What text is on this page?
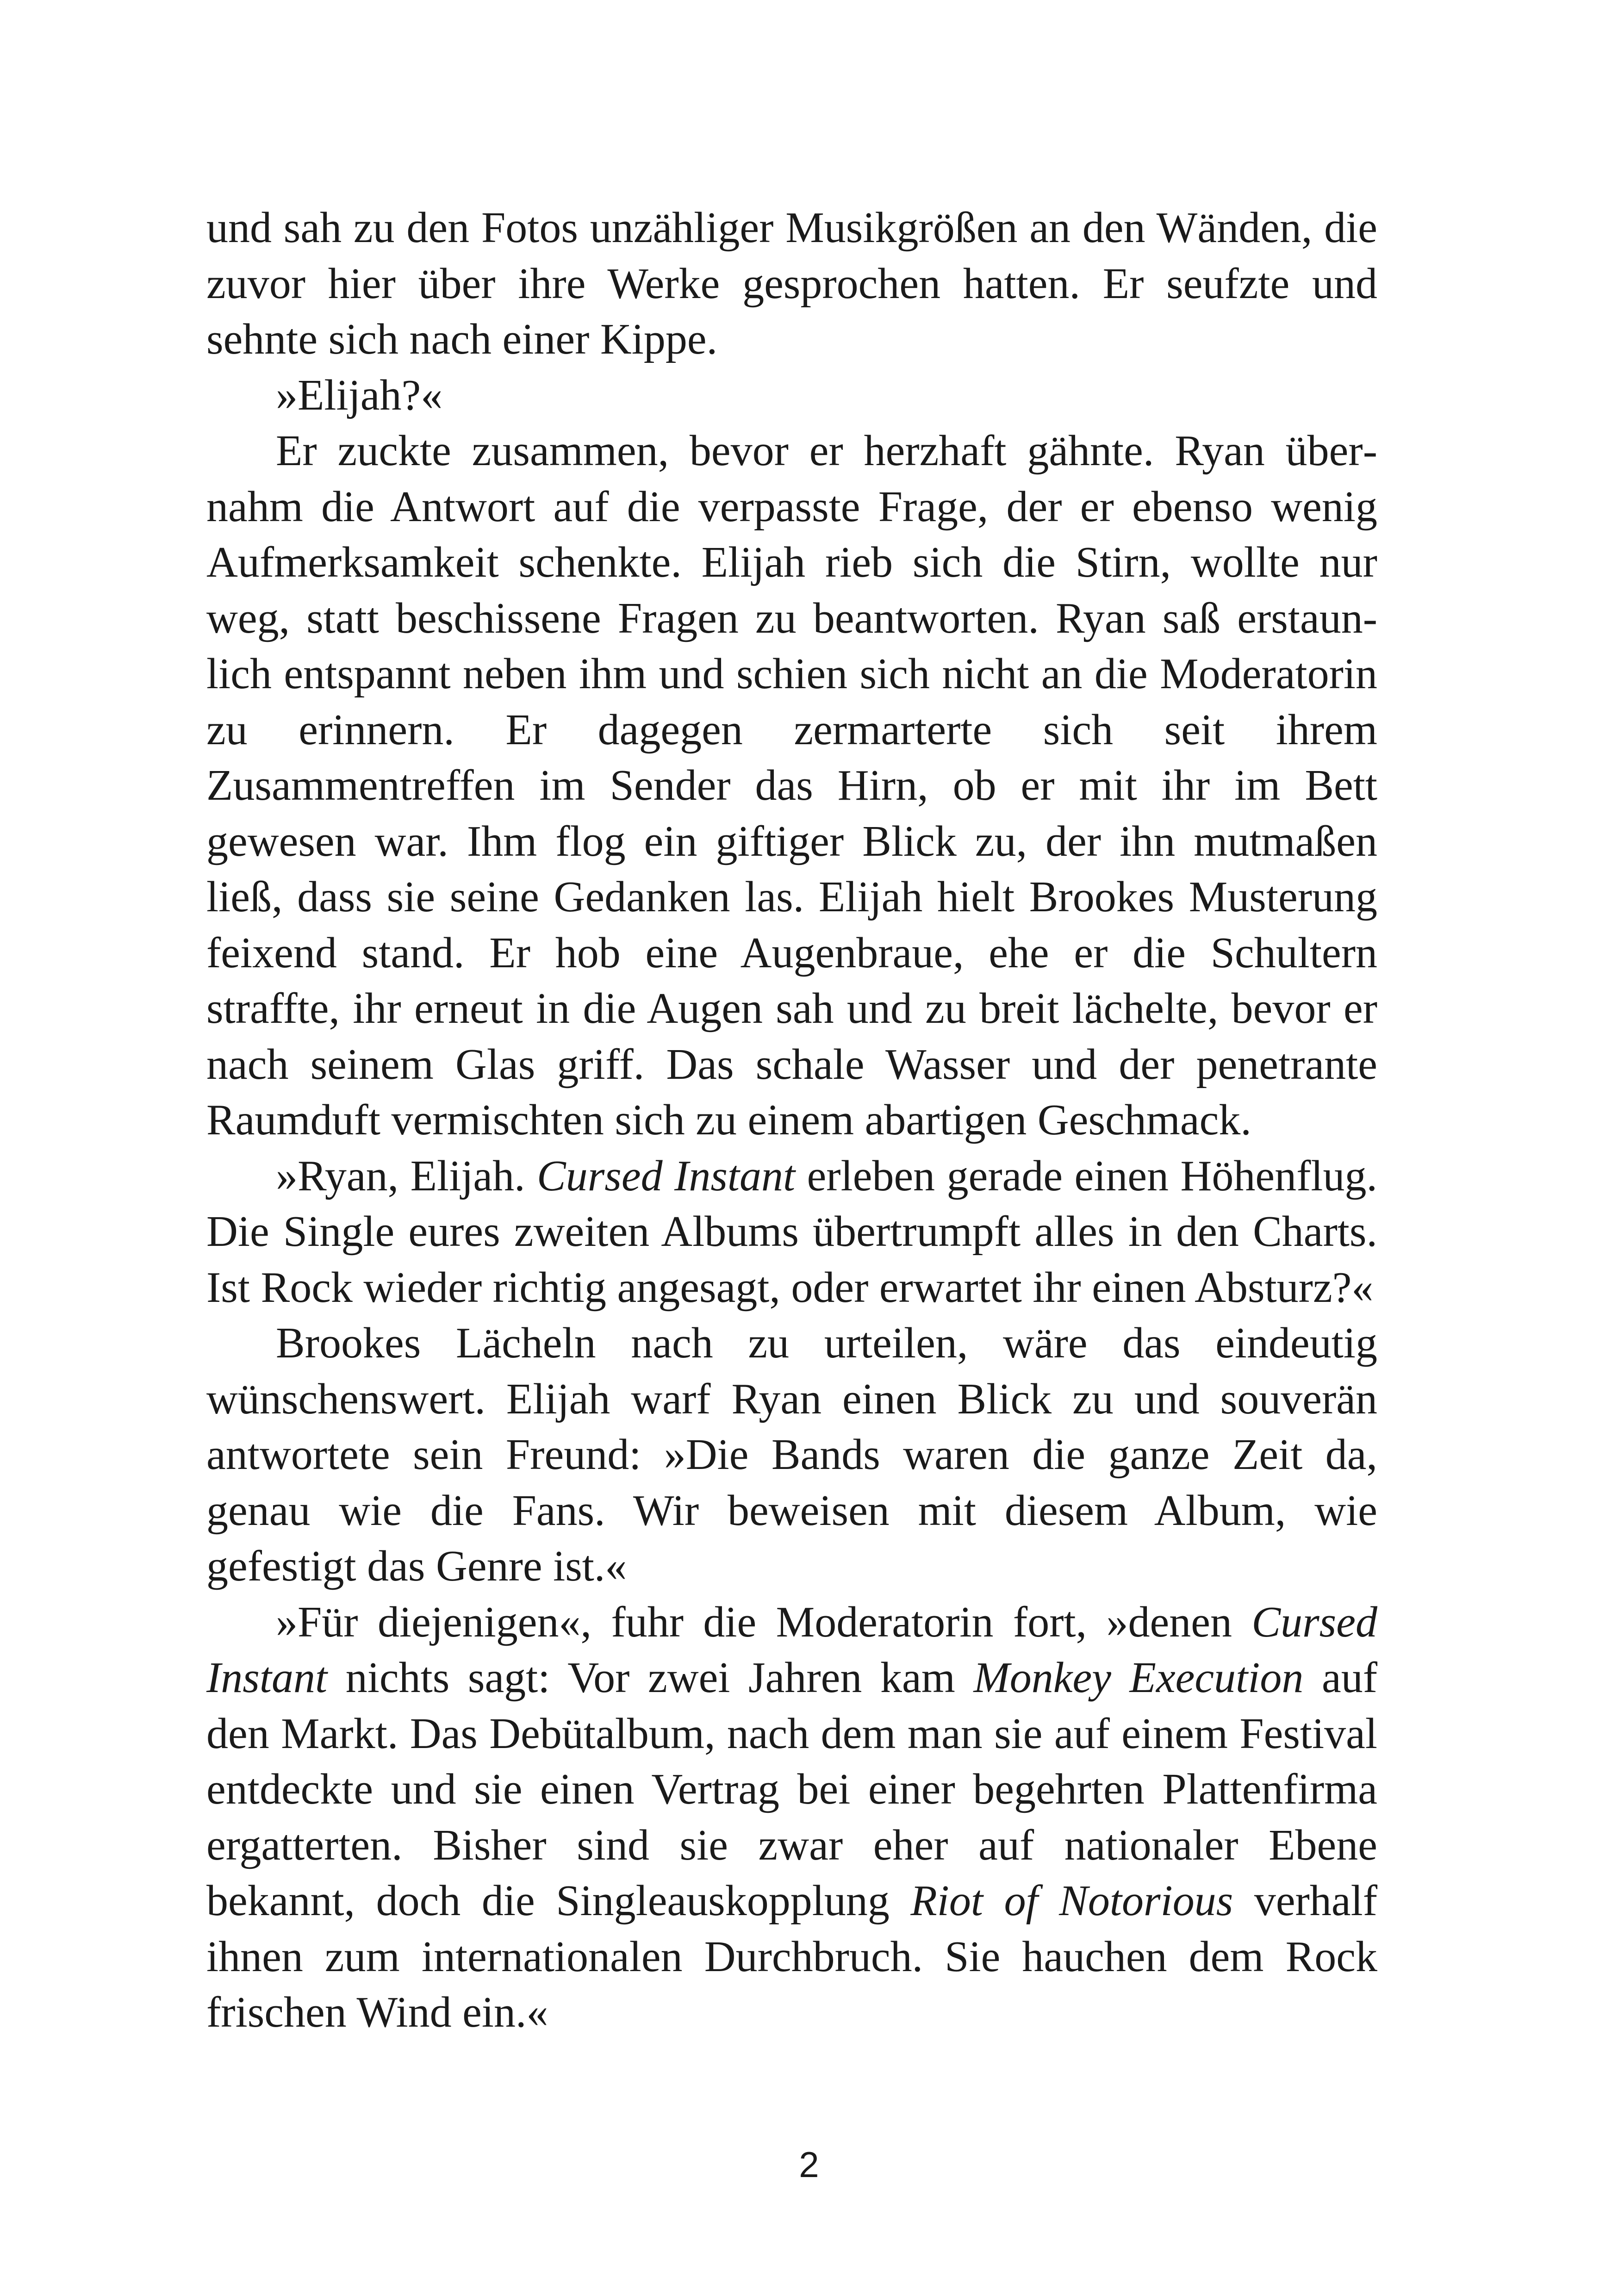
und sah zu den Fotos unzähliger Musikgrößen an den Wänden, die zuvor hier über ihre Werke gesprochen hatten. Er seufzte und sehnte sich nach einer Kippe.

»Elijah?«

Er zuckte zusammen, bevor er herzhaft gähnte. Ryan übernahm die Antwort auf die verpasste Frage, der er ebenso wenig Aufmerksamkeit schenkte. Elijah rieb sich die Stirn, wollte nur weg, statt beschissene Fragen zu beantworten. Ryan saß erstaunlich entspannt neben ihm und schien sich nicht an die Moderatorin zu erinnern. Er dagegen zermarterte sich seit ihrem Zusammentreffen im Sender das Hirn, ob er mit ihr im Bett gewesen war. Ihm flog ein giftiger Blick zu, der ihn mutmaßen ließ, dass sie seine Gedanken las. Elijah hielt Brookes Musterung feixend stand. Er hob eine Augenbraue, ehe er die Schultern straffte, ihr erneut in die Augen sah und zu breit lächelte, bevor er nach seinem Glas griff. Das schale Wasser und der penetrante Raumduft vermischten sich zu einem abartigen Geschmack.

»Ryan, Elijah. Cursed Instant erleben gerade einen Höhenflug. Die Single eures zweiten Albums übertrumpft alles in den Charts. Ist Rock wieder richtig angesagt, oder erwartet ihr einen Absturz?«

Brookes Lächeln nach zu urteilen, wäre das eindeutig wünschenswert. Elijah warf Ryan einen Blick zu und souverän antwortete sein Freund: »Die Bands waren die ganze Zeit da, genau wie die Fans. Wir beweisen mit diesem Album, wie gefestigt das Genre ist.«

»Für diejenigen«, fuhr die Moderatorin fort, »denen Cursed Instant nichts sagt: Vor zwei Jahren kam Monkey Execution auf den Markt. Das Debütalbum, nach dem man sie auf einem Festival entdeckte und sie einen Vertrag bei einer begehrten Plattenfirma ergatterten. Bisher sind sie zwar eher auf nationaler Ebene bekannt, doch die Singleauskopplung Riot of Notorious verhalf ihnen zum internationalen Durchbruch. Sie hauchen dem Rock frischen Wind ein.«

2
